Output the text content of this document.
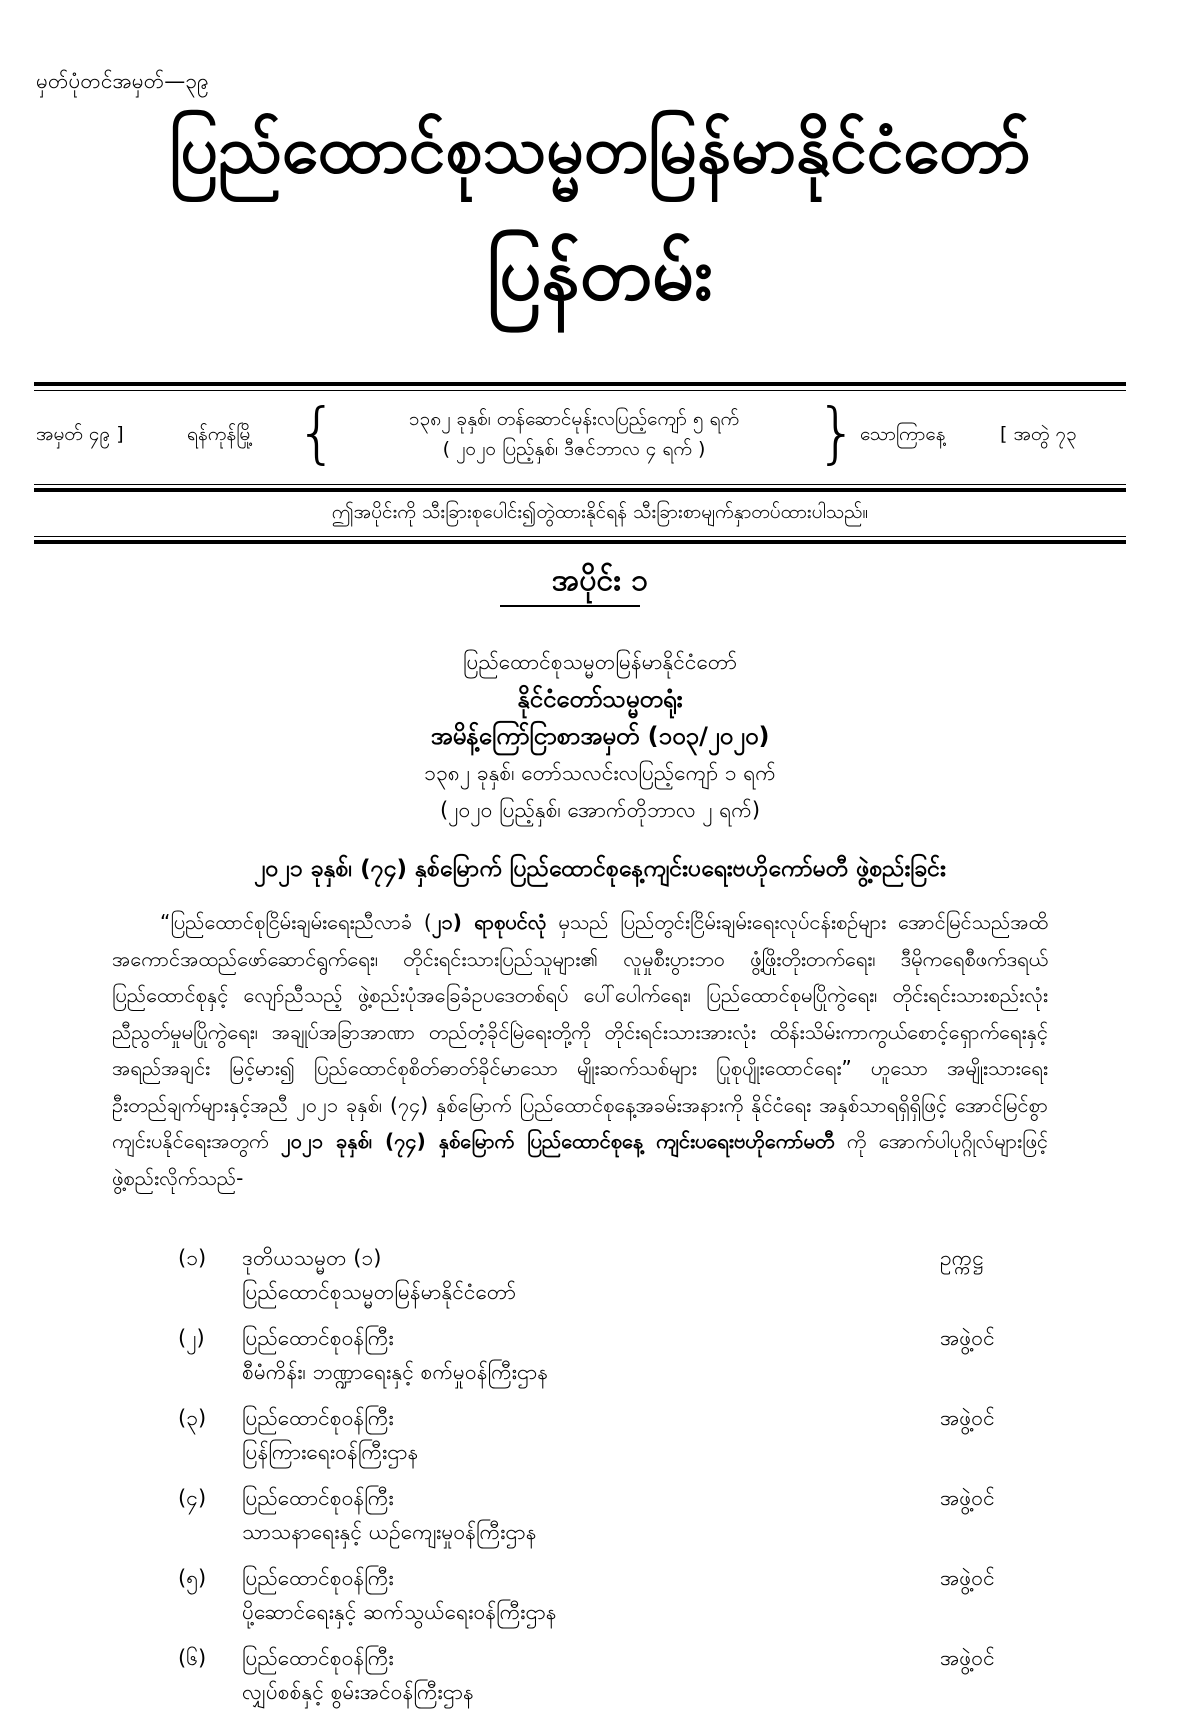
မှတ်ပုံတင်အမှတ်—၃၉
ပြည်ထောင်စုသမ္မတမြန်မာနိုင်ငံတော်
ပြန်တမ်း
အမှတ် ၄၉ ]	ရန်ကုန်မြို့ {	၁၃၈၂ ခုနှစ်၊ တန်ဆောင်မုန်းလပြည့်ကျော် ၅ ရက်
( ၂၀၂၀ ပြည့်နှစ်၊ ဒီဇင်ဘာလ ၄ ရက် )	} သောကြာနေ့	[ အတွဲ ၇၃
ဤအပိုင်းကို သီးခြားစုပေါင်း၍တွဲထားနိုင်ရန် သီးခြားစာမျက်နှာတပ်ထားပါသည်။
အပိုင်း ၁
ပြည်ထောင်စုသမ္မတမြန်မာနိုင်ငံတော်
နိုင်ငံတော်သမ္မတရုံး
အမိန့်ကြော်ငြာစာအမှတ် (၁၀၃/၂၀၂၀)
၁၃၈၂ ခုနှစ်၊ တော်သလင်းလပြည့်ကျော် ၁ ရက်
(၂၀၂၀ ပြည့်နှစ်၊ အောက်တိုဘာလ ၂ ရက်)
၂၀၂၁ ခုနှစ်၊ (၇၄) နှစ်မြောက် ပြည်ထောင်စုနေ့ကျင်းပရေးဗဟိုကော်မတီ ဖွဲ့စည်းခြင်း
“ပြည်ထောင်စုငြိမ်းချမ်းရေးညီလာခံ (၂၁) ရာစုပင်လုံ မှသည် ပြည်တွင်းငြိမ်းချမ်းရေးလုပ်ငန်းစဉ်များ အောင်မြင်သည်အထိ အကောင်အထည်ဖော်ဆောင်ရွက်ရေး၊ တိုင်းရင်းသားပြည်သူများ၏ လူမှုစီးပွားဘဝ ဖွံ့ဖြိုးတိုးတက်ရေး၊ ဒီမိုကရေစီဖက်ဒရယ်ပြည်ထောင်စုနှင့် လျော်ညီသည့် ဖွဲ့စည်းပုံအခြေခံဥပဒေတစ်ရပ် ပေါ်ပေါက်ရေး၊ ပြည်ထောင်စုမပြိုကွဲရေး၊ တိုင်းရင်းသားစည်းလုံးညီညွတ်မှုမပြိုကွဲရေး၊ အချုပ်အခြာအာဏာ တည်တံ့ခိုင်မြဲရေးတို့ကို တိုင်းရင်းသားအားလုံး ထိန်းသိမ်းကာကွယ်စောင့်ရှောက်ရေးနှင့် အရည်အချင်း မြင့်မား၍ ပြည်ထောင်စုစိတ်ဓာတ်ခိုင်မာသော မျိုးဆက်သစ်များ ပြုစုပျိုးထောင်ရေး” ဟူသော အမျိုးသားရေး ဦးတည်ချက်များနှင့်အညီ ၂၀၂၁ ခုနှစ်၊ (၇၄) နှစ်မြောက် ပြည်ထောင်စုနေ့အခမ်းအနားကို နိုင်ငံရေး အနှစ်သာရရှိရှိဖြင့် အောင်မြင်စွာကျင်းပနိုင်ရေးအတွက် ၂၀၂၁ ခုနှစ်၊ (၇၄) နှစ်မြောက် ပြည်ထောင်စုနေ့ ကျင်းပရေးဗဟိုကော်မတီ ကို အောက်ပါပုဂ္ဂိုလ်များဖြင့် ဖွဲ့စည်းလိုက်သည်-
(၁) ဒုတိယသမ္မတ (၁)
ပြည်ထောင်စုသမ္မတမြန်မာနိုင်ငံတော်
ဥက္ကဋ္ဌ
(၂) ပြည်ထောင်စုဝန်ကြီး
စီမံကိန်း၊ ဘဏ္ဍာရေးနှင့် စက်မှုဝန်ကြီးဌာန
အဖွဲ့ဝင်
(၃) ပြည်ထောင်စုဝန်ကြီး
ပြန်ကြားရေးဝန်ကြီးဌာန
အဖွဲ့ဝင်
(၄) ပြည်ထောင်စုဝန်ကြီး
သာသနာရေးနှင့် ယဉ်ကျေးမှုဝန်ကြီးဌာန
အဖွဲ့ဝင်
(၅) ပြည်ထောင်စုဝန်ကြီး
ပို့ဆောင်ရေးနှင့် ဆက်သွယ်ရေးဝန်ကြီးဌာန
အဖွဲ့ဝင်
(၆) ပြည်ထောင်စုဝန်ကြီး
လျှပ်စစ်နှင့် စွမ်းအင်ဝန်ကြီးဌာန
အဖွဲ့ဝင်
